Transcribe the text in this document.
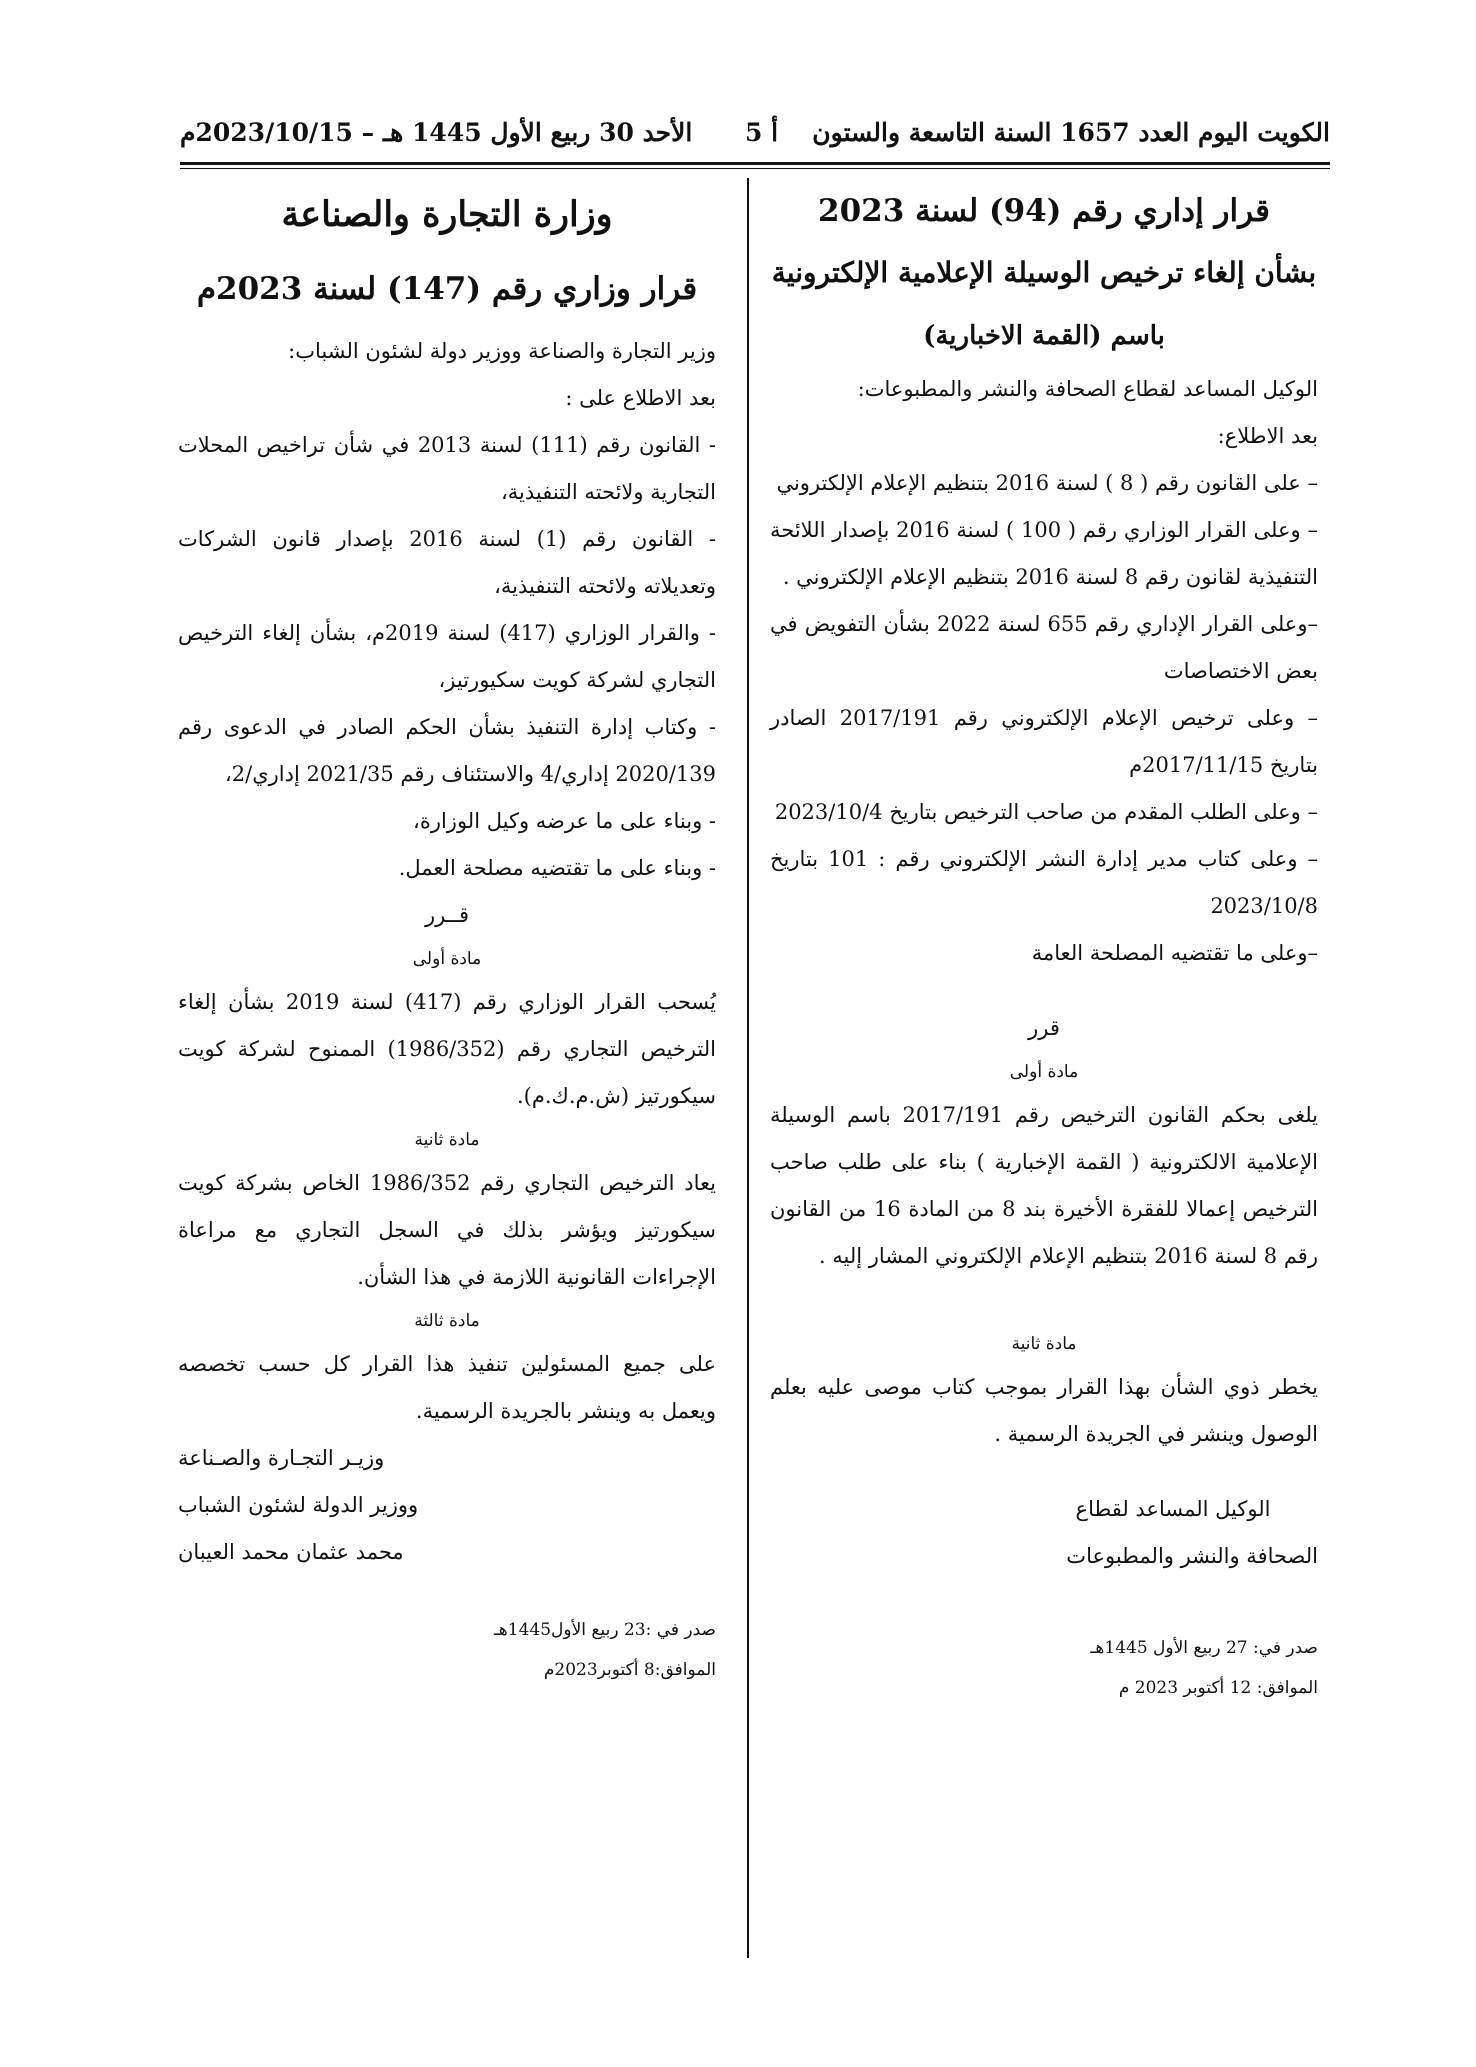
الكويت اليوم العدد 1657 السنة التاسعة والستون
أ 5
الأحد 30 ربيع الأول 1445 هـ – 2023/10/15م
قرار إداري رقم (94) لسنة 2023
بشأن إلغاء ترخيص الوسيلة الإعلامية الإلكترونية
باسم (القمة الاخبارية)

الوكيل المساعد لقطاع الصحافة والنشر والمطبوعات:

بعد الاطلاع:

– على القانون رقم ( 8 ) لسنة 2016 بتنظيم الإعلام الإلكتروني

– وعلى القرار الوزاري رقم ( 100 ) لسنة 2016 بإصدار اللائحة التنفيذية لقانون رقم 8 لسنة 2016 بتنظيم الإعلام الإلكتروني .

–وعلى القرار الإداري رقم 655 لسنة 2022 بشأن التفويض في بعض الاختصاصات

– وعلى ترخيص الإعلام الإلكتروني رقم 2017/191 الصادر بتاريخ 2017/11/15م

– وعلى الطلب المقدم من صاحب الترخيص بتاريخ 2023/10/4

– وعلى كتاب مدير إدارة النشر الإلكتروني رقم : 101 بتاريخ 2023/10/8

–وعلى ما تقتضيه المصلحة العامة

قرر

مادة أولى

يلغى بحكم القانون الترخيص رقم 2017/191 باسم الوسيلة الإعلامية الالكترونية ( القمة الإخبارية ) بناء على طلب صاحب الترخيص إعمالا للفقرة الأخيرة بند 8 من المادة 16 من القانون رقم 8 لسنة 2016 بتنظيم الإعلام الإلكتروني المشار إليه .

مادة ثانية

يخطر ذوي الشأن بهذا القرار بموجب كتاب موصى عليه بعلم الوصول وينشر في الجريدة الرسمية .

الوكيل المساعد لقطاع

الصحافة والنشر والمطبوعات

صدر في: 27 ربيع الأول 1445هـ

الموافق: 12 أكتوبر 2023 م

وزارة التجارة والصناعة
قرار وزاري رقم (147) لسنة 2023م

وزير التجارة والصناعة ووزير دولة لشئون الشباب:

بعد الاطلاع على :

- القانون رقم (111) لسنة 2013 في شأن تراخيص المحلات التجارية ولائحته التنفيذية،

- القانون رقم (1) لسنة 2016 بإصدار قانون الشركات وتعديلاته ولائحته التنفيذية،

- والقرار الوزاري (417) لسنة 2019م، بشأن إلغاء الترخيص التجاري لشركة كويت سكيورتيز،

- وكتاب إدارة التنفيذ بشأن الحكم الصادر في الدعوى رقم 2020/139 إداري/4 والاستئناف رقم 2021/35 إداري/2،

- وبناء على ما عرضه وكيل الوزارة،

- وبناء على ما تقتضيه مصلحة العمل.

قــرر

مادة أولى

يُسحب القرار الوزاري رقم (417) لسنة 2019 بشأن إلغاء الترخيص التجاري رقم (1986/352) الممنوح لشركة كويت سيكورتيز (ش.م.ك.م).

مادة ثانية

يعاد الترخيص التجاري رقم 1986/352 الخاص بشركة كويت سيكورتيز ويؤشر بذلك في السجل التجاري مع مراعاة الإجراءات القانونية اللازمة في هذا الشأن.

مادة ثالثة

على جميع المسئولين تنفيذ هذا القرار كل حسب تخصصه ويعمل به وينشر بالجريدة الرسمية.

وزيـر التجـارة والصـناعة

ووزير الدولة لشئون الشباب

محمد عثمان محمد العيبان

صدر في :23 ربيع الأول1445هـ

الموافق:8 أكتوبر2023م
